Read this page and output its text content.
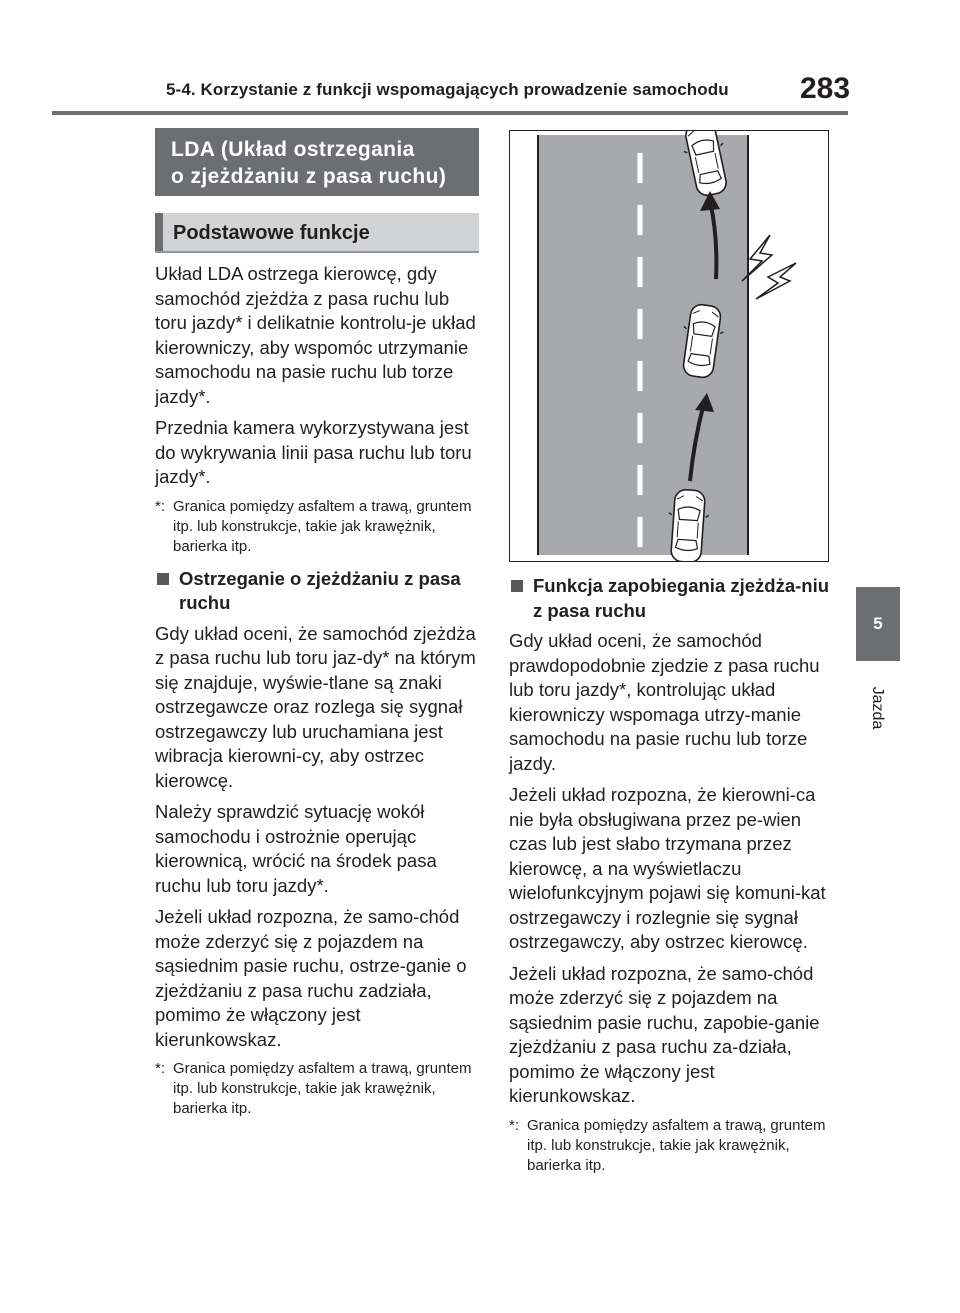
5-4. Korzystanie z funkcji wspomagających prowadzenie samochodu 283
5
Jazda
LDA (Układ ostrzegania
o zjeżdżaniu z pasa ruchu)
Podstawowe funkcje

Układ LDA ostrzega kierowcę, gdy samochód zjeżdża z pasa ruchu lub toru jazdy* i delikatnie kontrolu-je układ kierowniczy, aby wspomóc utrzymanie samochodu na pasie ruchu lub torze jazdy*.

Przednia kamera wykorzystywana jest do wykrywania linii pasa ruchu lub toru jazdy*.

*: Granica pomiędzy asfaltem a trawą, gruntem itp. lub konstrukcje, takie jak krawężnik, barierka itp.
Ostrzeganie o zjeżdżaniu z pasa ruchu

Gdy układ oceni, że samochód zjeżdża z pasa ruchu lub toru jaz-dy* na którym się znajduje, wyświe-tlane są znaki ostrzegawcze oraz rozlega się sygnał ostrzegawczy lub uruchamiana jest wibracja kierowni-cy, aby ostrzec kierowcę.

Należy sprawdzić sytuację wokół samochodu i ostrożnie operując kierownicą, wrócić na środek pasa ruchu lub toru jazdy*.

Jeżeli układ rozpozna, że samo-chód może zderzyć się z pojazdem na sąsiednim pasie ruchu, ostrze-ganie o zjeżdżaniu z pasa ruchu zadziała, pomimo że włączony jest kierunkowskaz.

*: Granica pomiędzy asfaltem a trawą, gruntem itp. lub konstrukcje, takie jak krawężnik, barierka itp.
Funkcja zapobiegania zjeżdża-niu z pasa ruchu

Gdy układ oceni, że samochód prawdopodobnie zjedzie z pasa ruchu lub toru jazdy*, kontrolując układ kierowniczy wspomaga utrzy-manie samochodu na pasie ruchu lub torze jazdy.

Jeżeli układ rozpozna, że kierowni-ca nie była obsługiwana przez pe-wien czas lub jest słabo trzymana przez kierowcę, a na wyświetlaczu wielofunkcyjnym pojawi się komuni-kat ostrzegawczy i rozlegnie się sygnał ostrzegawczy, aby ostrzec kierowcę.

Jeżeli układ rozpozna, że samo-chód może zderzyć się z pojazdem na sąsiednim pasie ruchu, zapobie-ganie zjeżdżaniu z pasa ruchu za-działa, pomimo że włączony jest kierunkowskaz.

*: Granica pomiędzy asfaltem a trawą, gruntem itp. lub konstrukcje, takie jak krawężnik, barierka itp.
